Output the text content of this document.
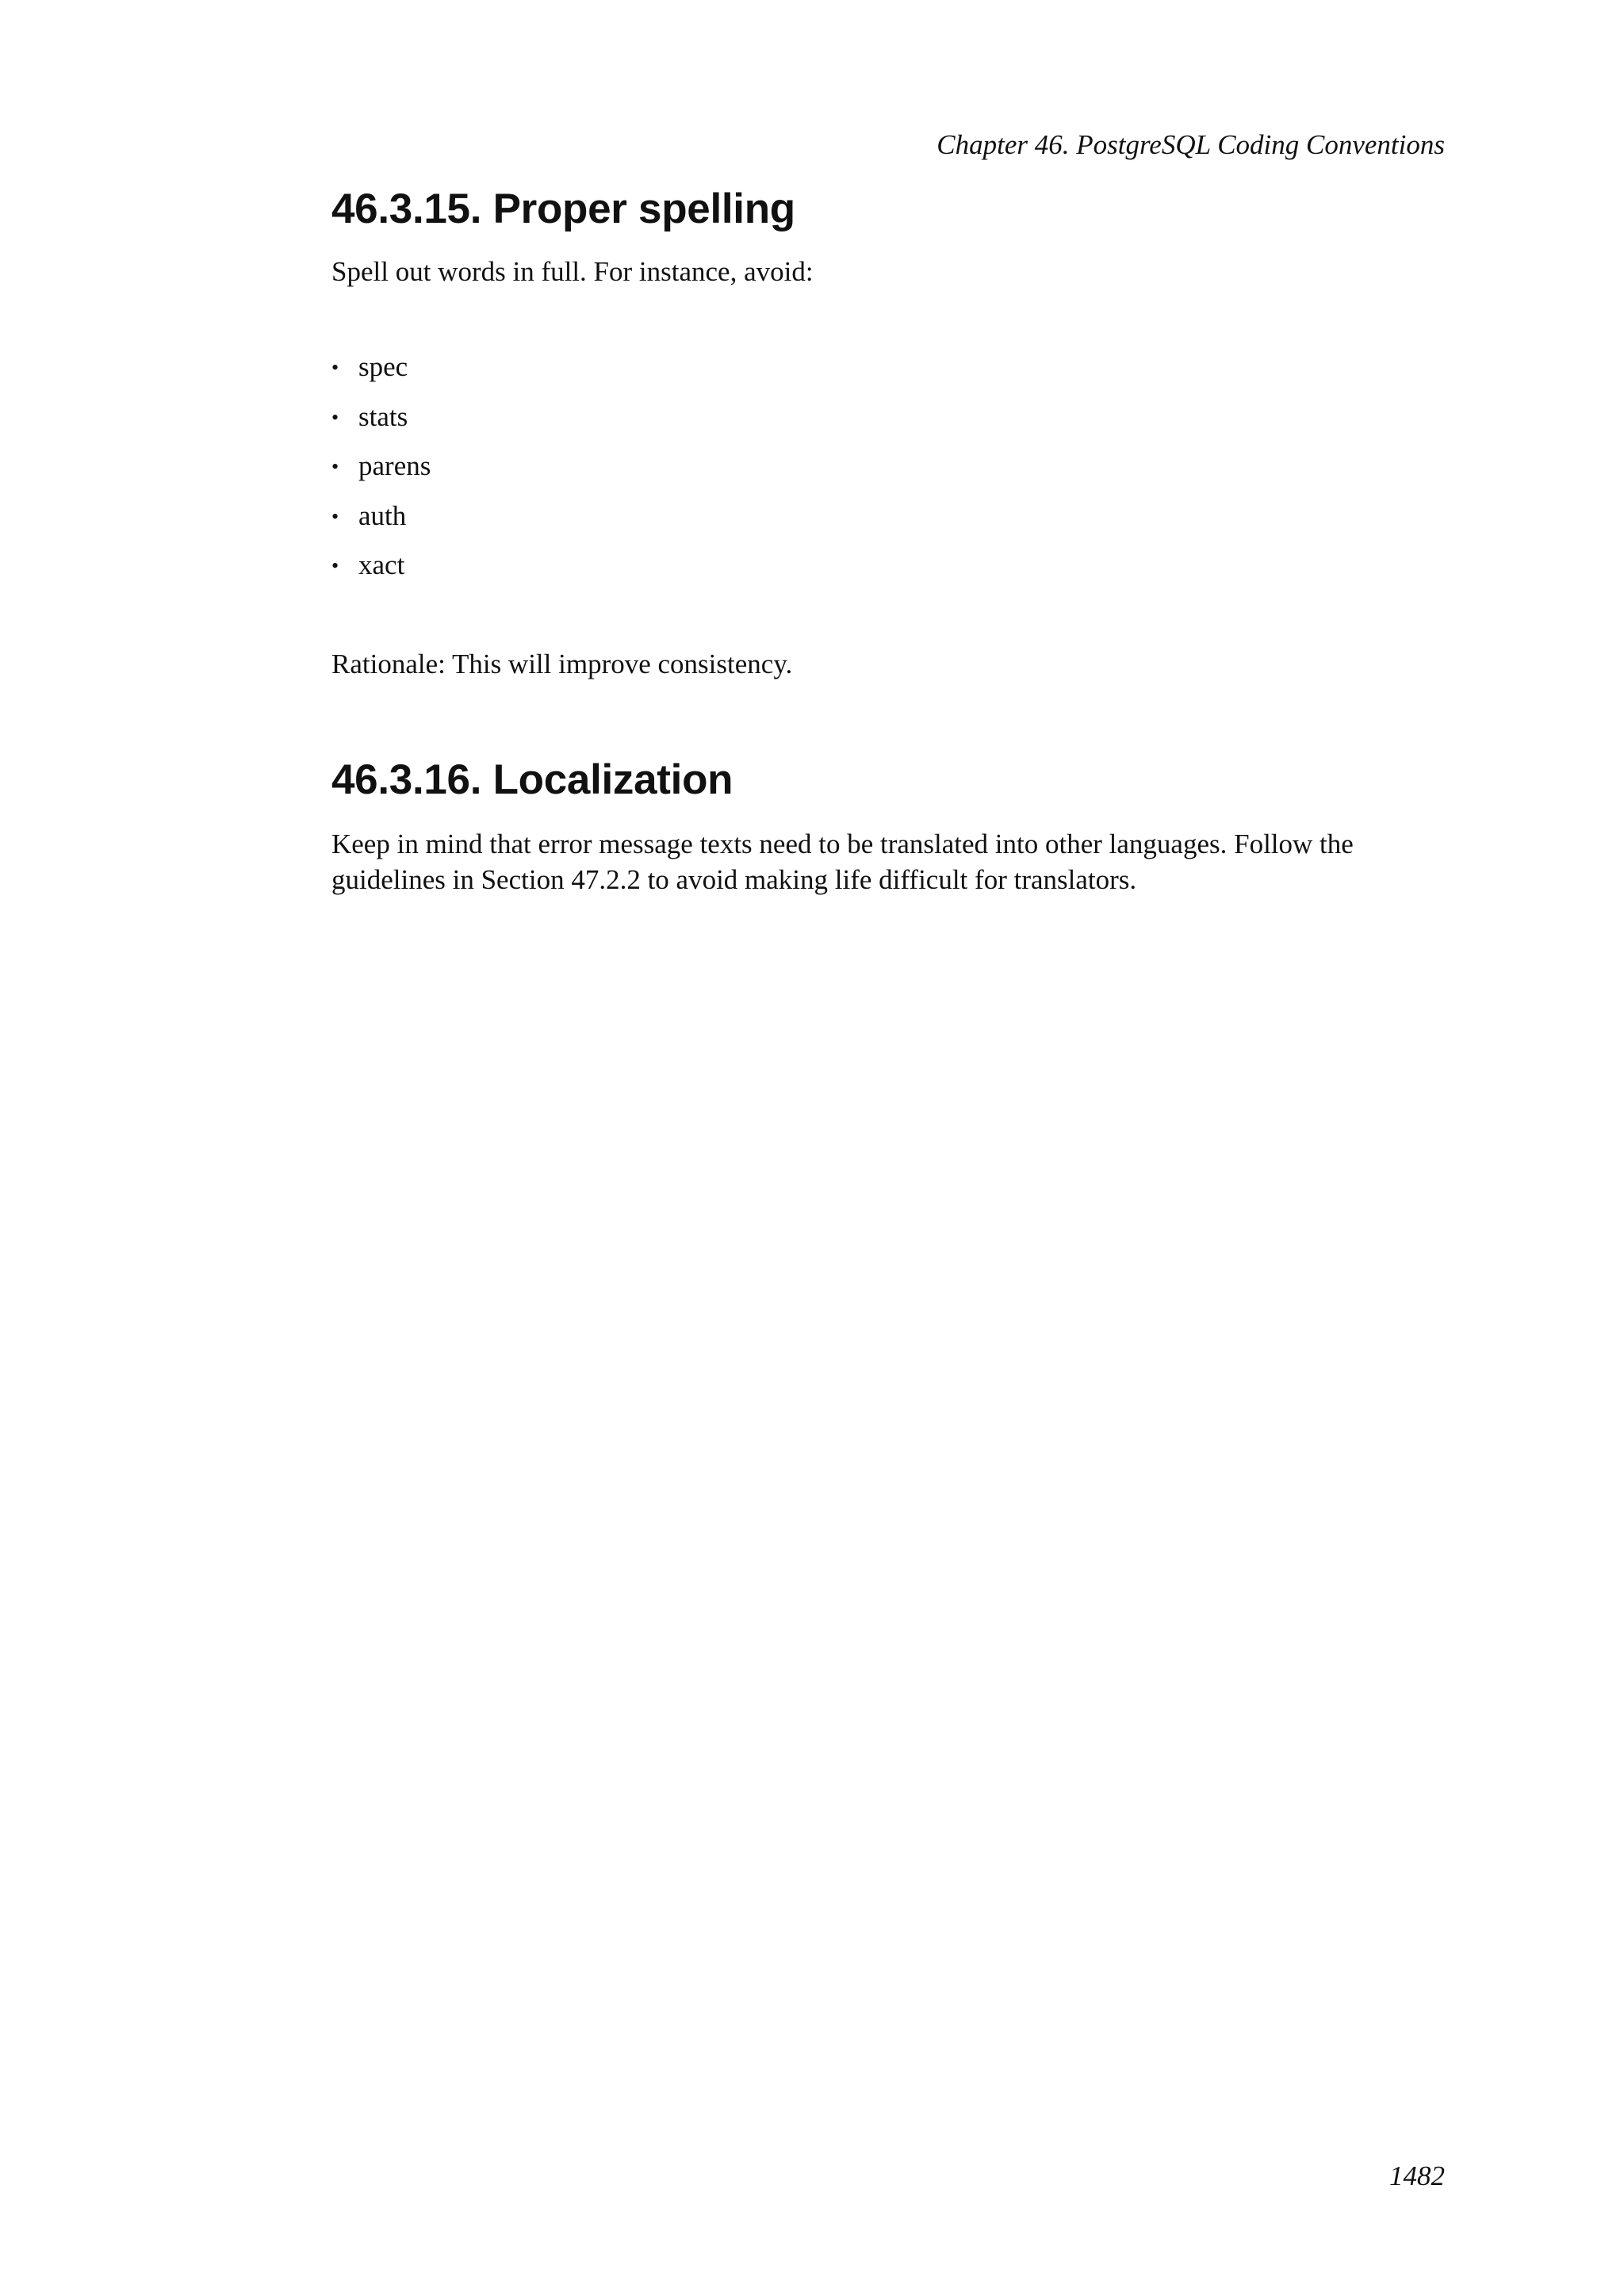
Chapter 46. PostgreSQL Coding Conventions
46.3.15. Proper spelling

Spell out words in full. For instance, avoid:

• spec
• stats
• parens
• auth
• xact

Rationale: This will improve consistency.

46.3.16. Localization

Keep in mind that error message texts need to be translated into other languages. Follow the guidelines in Section 47.2.2 to avoid making life difficult for translators.

1482
